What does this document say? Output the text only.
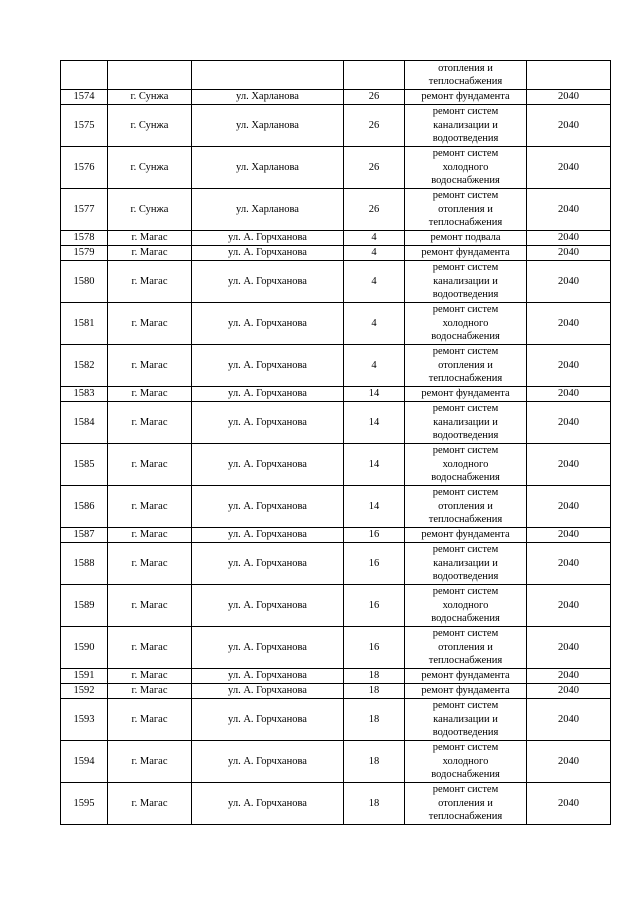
				отопления и
теплоснабжения	

1574	г. Сунжа	ул. Харланова	26	ремонт фундамента	2040
1575	г. Сунжа	ул. Харланова	26	ремонт систем
канализации и
водоотведения	2040
1576	г. Сунжа	ул. Харланова	26	ремонт систем
холодного
водоснабжения	2040
1577	г. Сунжа	ул. Харланова	26	ремонт систем
отопления и
теплоснабжения	2040
1578	г. Магас	ул. А. Горчханова	4	ремонт подвала	2040
1579	г. Магас	ул. А. Горчханова	4	ремонт фундамента	2040
1580	г. Магас	ул. А. Горчханова	4	ремонт систем
канализации и
водоотведения	2040
1581	г. Магас	ул. А. Горчханова	4	ремонт систем
холодного
водоснабжения	2040
1582	г. Магас	ул. А. Горчханова	4	ремонт систем
отопления и
теплоснабжения	2040
1583	г. Магас	ул. А. Горчханова	14	ремонт фундамента	2040
1584	г. Магас	ул. А. Горчханова	14	ремонт систем
канализации и
водоотведения	2040
1585	г. Магас	ул. А. Горчханова	14	ремонт систем
холодного
водоснабжения	2040
1586	г. Магас	ул. А. Горчханова	14	ремонт систем
отопления и
теплоснабжения	2040
1587	г. Магас	ул. А. Горчханова	16	ремонт фундамента	2040
1588	г. Магас	ул. А. Горчханова	16	ремонт систем
канализации и
водоотведения	2040
1589	г. Магас	ул. А. Горчханова	16	ремонт систем
холодного
водоснабжения	2040
1590	г. Магас	ул. А. Горчханова	16	ремонт систем
отопления и
теплоснабжения	2040
1591	г. Магас	ул. А. Горчханова	18	ремонт фундамента	2040
1592	г. Магас	ул. А. Горчханова	18	ремонт фундамента	2040
1593	г. Магас	ул. А. Горчханова	18	ремонт систем
канализации и
водоотведения	2040
1594	г. Магас	ул. А. Горчханова	18	ремонт систем
холодного
водоснабжения	2040
1595	г. Магас	ул. А. Горчханова	18	ремонт систем
отопления и
теплоснабжения	2040
